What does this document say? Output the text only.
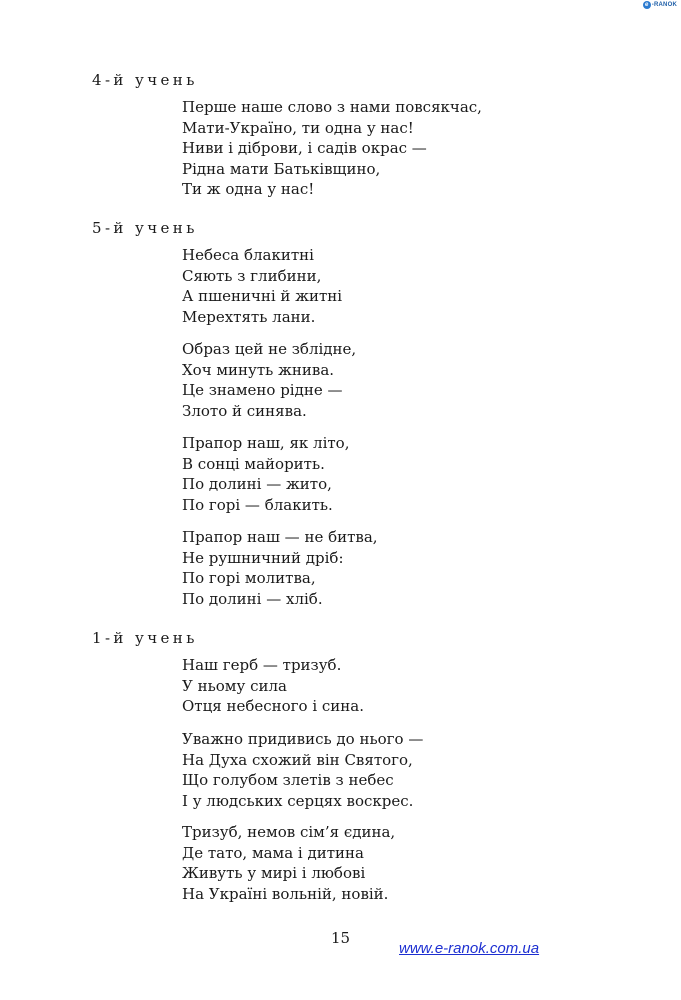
e -RANOK
4-й учень
Перше наше слово з нами повсякчас,
Мати-Україно, ти одна у нас!
Ниви і діброви, і садів окрас —
Рідна мати Батьківщино,
Ти ж одна у нас!
5-й учень
Небеса блакитні
Сяють з глибини,
А пшеничні й житні
Мерехтять лани.
Образ цей не зблідне,
Хоч минуть жнива.
Це знамено рідне —
Злото й синява.
Прапор наш, як літо,
В сонці майорить.
По долині — жито,
По горі — блакить.
Прапор наш — не битва,
Не рушничний дріб:
По горі молитва,
По долині — хліб.
1-й учень
Наш герб — тризуб.
У ньому сила
Отця небесного і сина.
Уважно придивись до нього —
На Духа схожий він Святого,
Що голубом злетів з небес
І у людських серцях воскрес.
Тризуб, немов сім’я єдина,
Де тато, мама і дитина
Живуть у мирі і любові
На Україні вольній, новій.
15
www.e-ranok.com.ua
